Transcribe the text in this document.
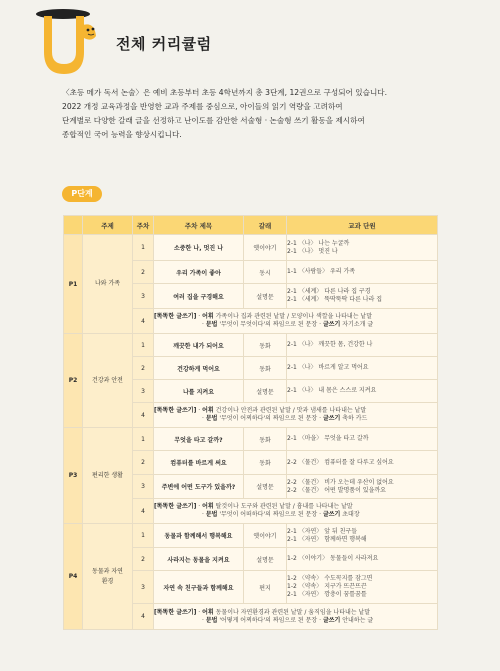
전체 커리큘럼

〈초등 메가 독서 논술〉은 예비 초등부터 초등 4학년까지 총 3단계, 12권으로 구성되어 있습니다.

2022 개정 교육과정을 반영한 교과 주제를 중심으로, 아이들의 읽기 역량을 고려하여

단계별로 다양한 갈래 글을 선정하고 난이도를 감안한 서술형 · 논술형 쓰기 활동을 제시하여

종합적인 국어 능력을 향상시킵니다.

P단계
	주제	주차	주차 제목	갈래	교과 단원
P1	나와 가족	1	소중한 나, 멋진 나	옛이야기	2-1 〈나〉 나는 누굴까
2-1 〈나〉 멋진 나

		2	우리 가족이 좋아	동시	1-1 〈사람들〉 우리 가족

		3	여러 집을 구경해요	설명문	2-1 〈세계〉 다른 나라 집 구경
2-1 〈세계〉 뚝딱뚝딱 다른 나라 집

		4	[똑똑한 글쓰기] · 어휘 가족이나 집과 관련된 낱말 / 모양이나 색깔을 나타내는 낱말
· 문법 '무엇이 무엇이다'의 짜임으로 된 문장 · 글쓰기 자기소개 글		

P2	건강과 안전	1	깨끗한 내가 되어요	동화	2-1 〈나〉 깨끗한 몸, 건강한 나

		2	건강하게 먹어요	동화	2-1 〈나〉 바르게 알고 먹어요

		3	나를 지켜요	설명문	2-1 〈나〉 내 몸은 스스로 지켜요

		4	[똑똑한 글쓰기] · 어휘 건강이나 안전과 관련된 낱말 / 맛과 냄새를 나타내는 낱말
· 문법 '무엇이 어찌하다'의 짜임으로 된 문장 · 글쓰기 축하 카드		

P3	편리한 생활	1	무엇을 타고 갈까?	동화	2-1 〈마을〉 무엇을 타고 갈까

		2	컴퓨터를 바르게 써요	동화	2-2 〈물건〉 컴퓨터를 잘 다루고 싶어요

		3	주변에 어떤 도구가 있을까?	설명문	2-2 〈물건〉 비가 오는데 우산이 없어요
2-2 〈물건〉 어떤 발명품이 있을까요

		4	[똑똑한 글쓰기] · 어휘 탈것이나 도구와 관련된 낱말 / 흉내를 나타내는 낱말
· 문법 '무엇이 어떠하다'의 짜임으로 된 문장 · 글쓰기 초대장		

P4	동물과 자연환경	1	동물과 함께해서 행복해요	옛이야기	2-1 〈자연〉 앞 뒤 친구들
2-1 〈자연〉 함께하면 행복해

		2	사라지는 동물을 지켜요	설명문	1-2 〈이야기〉 동물들이 사라져요

		3	자연 속 친구들과 함께해요	편지	1-2 〈약속〉 수도꼭지를 잠그면
1-2 〈약속〉 지구가 뜨끈뜨끈
2-1 〈자연〉 깡충이 꿈틀꿈틀

		4	[똑똑한 글쓰기] · 어휘 동물이나 자연환경과 관련된 낱말 / 움직임을 나타내는 낱말
· 문법 '어떻게 어찌하다'의 짜임으로 된 문장 · 글쓰기 안내하는 글		
